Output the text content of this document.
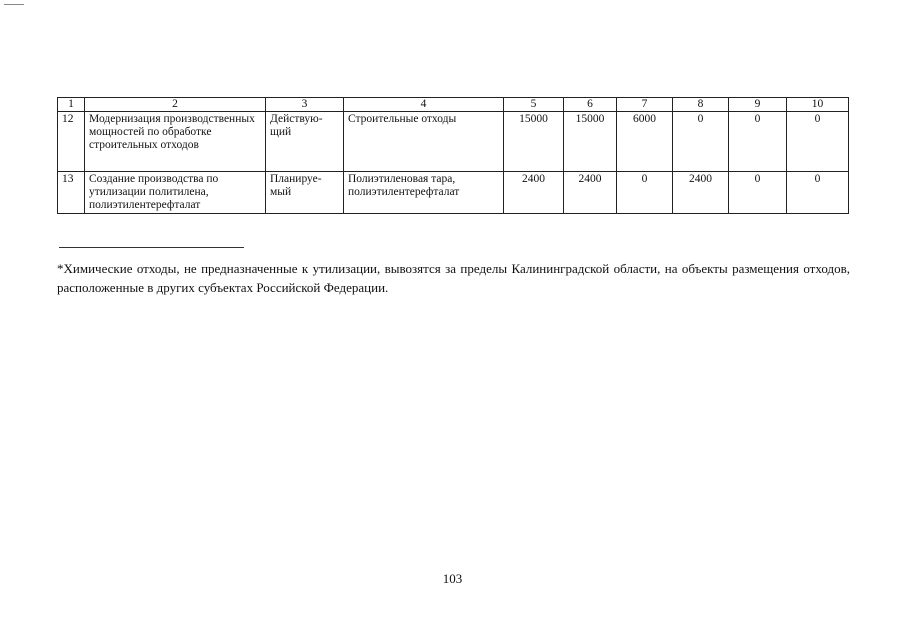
1	2	3	4	5	6	7	8	9	10
12	Модернизация производственных мощностей по обработке строительных отходов	Действую-щий	Строительные отходы	15000	15000	6000	0	0	0
13	Создание производства по утилизации политилена, полиэтилентерефталат	Планируе-мый	Полиэтиленовая тара, полиэтилентерефталат	2400	2400	0	2400	0	0

*Химические отходы, не предназначенные к утилизации, вывозятся за пределы Калининградской области, на объекты размещения отходов, расположенные в других субъектах Российской Федерации.

103
